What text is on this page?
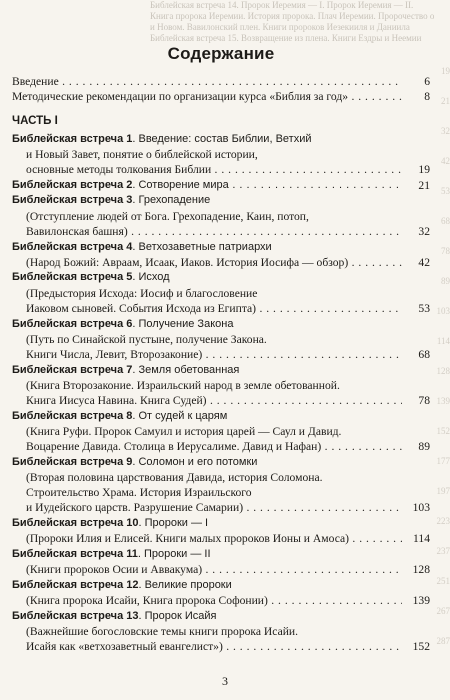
Библейская встреча 14. Пророк Иеремия — I. Пророк Иеремия — II.
Книга пророка Иеремии. История пророка. Плач Иеремии. Пророчество о
и Новом. Вавилонский плен. Книги пророков Иезекииля и Даниила
Библейская встреча 15. Возвращение из плена. Книги Ездры и Неемии
19
21
32
42
53
68
78
89
103
114
128
139
152
177
197
223
237
251
267
287
Содержание
Введение . . .	6
Методические рекомендации по организации курса «Библия за год» . . .	8
ЧАСТЬ I
Библейская встреча 1. Введение: состав Библии, Ветхий
и Новый Завет, понятие о библейской истории,
основные методы толкования Библии . . .	19
Библейская встреча 2. Сотворение мира . . .	21
Библейская встреча 3. Грехопадение
(Отступление людей от Бога. Грехопадение, Каин, потоп,
Вавилонская башня) . . .	32
Библейская встреча 4. Ветхозаветные патриархи
(Народ Божий: Авраам, Исаак, Иаков. История Иосифа — обзор) . . .	42
Библейская встреча 5. Исход
(Предыстория Исхода: Иосиф и благословение
Иаковом сыновей. События Исхода из Египта) . . .	53
Библейская встреча 6. Получение Закона
(Путь по Синайской пустыне, получение Закона.
Книги Числа, Левит, Второзаконие) . . .	68
Библейская встреча 7. Земля обетованная
(Книга Второзаконие. Израильский народ в земле обетованной.
Книга Иисуса Навина. Книга Судей) . . .	78
Библейская встреча 8. От судей к царям
(Книга Руфи. Пророк Самуил и история царей — Саул и Давид.
Воцарение Давида. Столица в Иерусалиме. Давид и Нафан) . . .	89
Библейская встреча 9. Соломон и его потомки
(Вторая половина царствования Давида, история Соломона.
Строительство Храма. История Израильского
и Иудейского царств. Разрушение Самарии) . . .	103
Библейская встреча 10. Пророки — I
(Пророки Илия и Елисей. Книги малых пророков Ионы и Амоса) . . .	114
Библейская встреча 11. Пророки — II
(Книги пророков Осии и Аввакума) . . .	128
Библейская встреча 12. Великие пророки
(Книга пророка Исайи, Книга пророка Софонии) . . .	139
Библейская встреча 13. Пророк Исайя
(Важнейшие богословские темы книги пророка Исайи.
Исайя как «ветхозаветный евангелист») . . .	152
3
